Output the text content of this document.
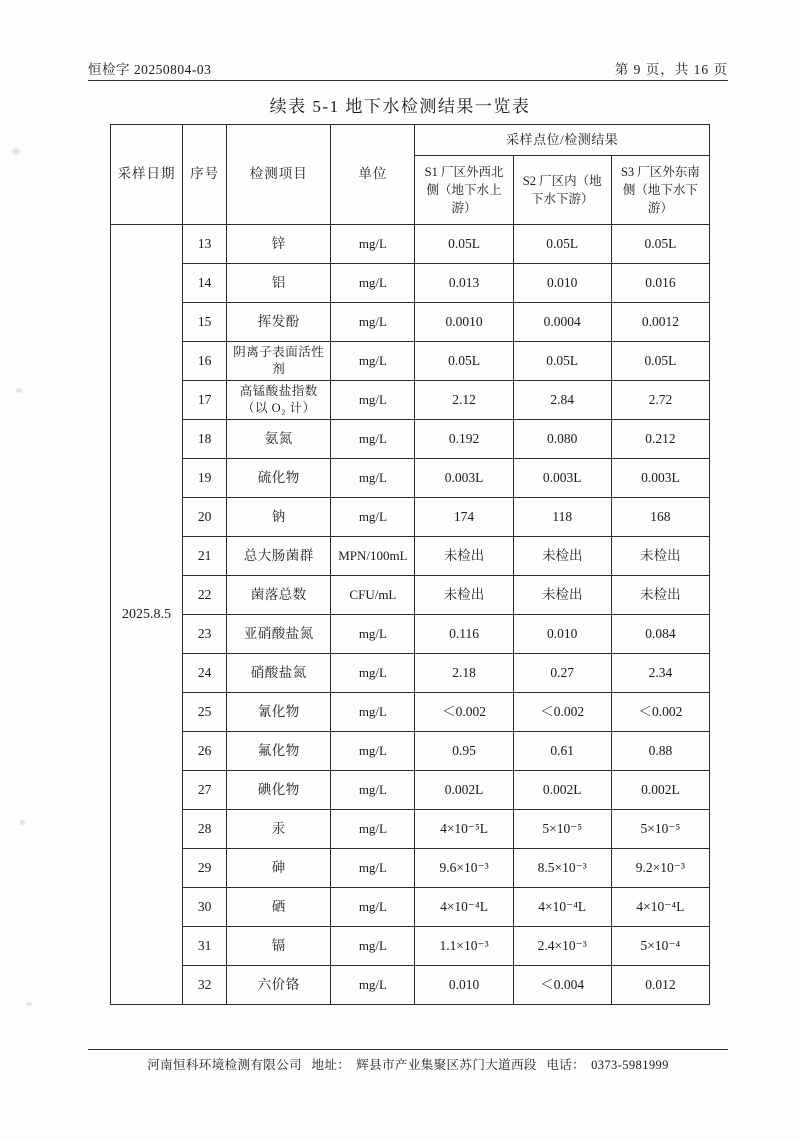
恒检字 20250804-03	第 9 页，共 16 页
续表 5-1 地下水检测结果一览表
采样日期	序号	检测项目	单位	采样点位/检测结果		
				S1 厂区外西北侧（地下水上游）	S2 厂区内（地下水下游）	S3 厂区外东南侧（地下水下游）
2025.8.5	13	锌	mg/L	0.05L	0.05L	0.05L
	14	铝	mg/L	0.013	0.010	0.016
	15	挥发酚	mg/L	0.0010	0.0004	0.0012
	16	阴离子表面活性剂	mg/L	0.05L	0.05L	0.05L
	17	高锰酸盐指数（以 O₂ 计）	mg/L	2.12	2.84	2.72
	18	氨氮	mg/L	0.192	0.080	0.212
	19	硫化物	mg/L	0.003L	0.003L	0.003L
	20	钠	mg/L	174	118	168
	21	总大肠菌群	MPN/100mL	未检出	未检出	未检出
	22	菌落总数	CFU/mL	未检出	未检出	未检出
	23	亚硝酸盐氮	mg/L	0.116	0.010	0.084
	24	硝酸盐氮	mg/L	2.18	0.27	2.34
	25	氰化物	mg/L	＜0.002	＜0.002	＜0.002
	26	氟化物	mg/L	0.95	0.61	0.88
	27	碘化物	mg/L	0.002L	0.002L	0.002L
	28	汞	mg/L	4×10⁻⁵L	5×10⁻⁵	5×10⁻⁵
	29	砷	mg/L	9.6×10⁻³	8.5×10⁻³	9.2×10⁻³
	30	硒	mg/L	4×10⁻⁴L	4×10⁻⁴L	4×10⁻⁴L
	31	镉	mg/L	1.1×10⁻³	2.4×10⁻³	5×10⁻⁴
	32	六价铬	mg/L	0.010	＜0.004	0.012
河南恒科环境检测有限公司 地址： 辉县市产业集聚区苏门大道西段 电话： 0373-5981999
